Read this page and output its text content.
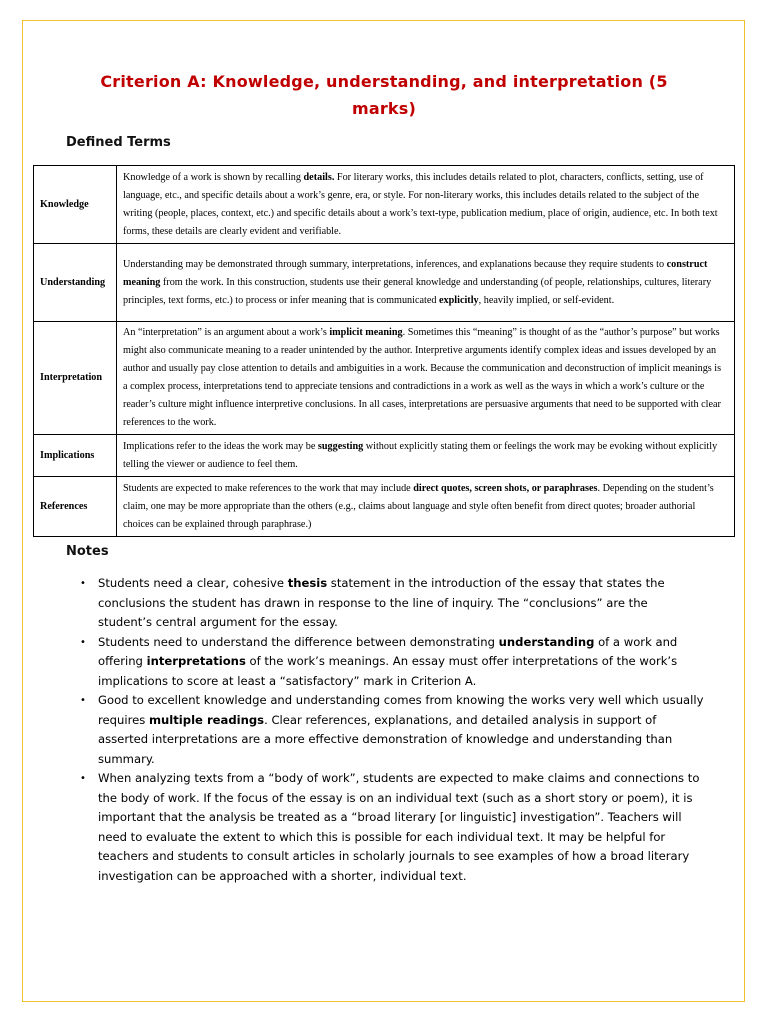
Criterion A: Knowledge, understanding, and interpretation (5 marks)
Defined Terms
Knowledge	Knowledge of a work is shown by recalling details. For literary works, this includes details related to plot, characters, conflicts, setting, use of language, etc., and specific details about a work’s genre, era, or style. For non-literary works, this includes details related to the subject of the writing (people, places, context, etc.) and specific details about a work’s text-type, publication medium, place of origin, audience, etc. In both text forms, these details are clearly evident and verifiable.
Understanding	Understanding may be demonstrated through summary, interpretations, inferences, and explanations because they require students to construct meaning from the work. In this construction, students use their general knowledge and understanding (of people, relationships, cultures, literary principles, text forms, etc.) to process or infer meaning that is communicated explicitly, heavily implied, or self-evident.
Interpretation	An “interpretation” is an argument about a work’s implicit meaning. Sometimes this “meaning” is thought of as the “author’s purpose” but works might also communicate meaning to a reader unintended by the author. Interpretive arguments identify complex ideas and issues developed by an author and usually pay close attention to details and ambiguities in a work. Because the communication and deconstruction of implicit meanings is a complex process, interpretations tend to appreciate tensions and contradictions in a work as well as the ways in which a work’s culture or the reader’s culture might influence interpretive conclusions. In all cases, interpretations are persuasive arguments that need to be supported with clear references to the work.
Implications	Implications refer to the ideas the work may be suggesting without explicitly stating them or feelings the work may be evoking without explicitly telling the viewer or audience to feel them.
References	Students are expected to make references to the work that may include direct quotes, screen shots, or paraphrases. Depending on the student’s claim, one may be more appropriate than the others (e.g., claims about language and style often benefit from direct quotes; broader authorial choices can be explained through paraphrase.)
Notes
• Students need a clear, cohesive thesis statement in the introduction of the essay that states the conclusions the student has drawn in response to the line of inquiry. The “conclusions” are the student’s central argument for the essay.
• Students need to understand the difference between demonstrating understanding of a work and offering interpretations of the work’s meanings. An essay must offer interpretations of the work’s implications to score at least a “satisfactory” mark in Criterion A.
• Good to excellent knowledge and understanding comes from knowing the works very well which usually requires multiple readings. Clear references, explanations, and detailed analysis in support of asserted interpretations are a more effective demonstration of knowledge and understanding than summary.
• When analyzing texts from a “body of work”, students are expected to make claims and connections to the body of work. If the focus of the essay is on an individual text (such as a short story or poem), it is important that the analysis be treated as a “broad literary [or linguistic] investigation”. Teachers will need to evaluate the extent to which this is possible for each individual text. It may be helpful for teachers and students to consult articles in scholarly journals to see examples of how a broad literary investigation can be approached with a shorter, individual text.
